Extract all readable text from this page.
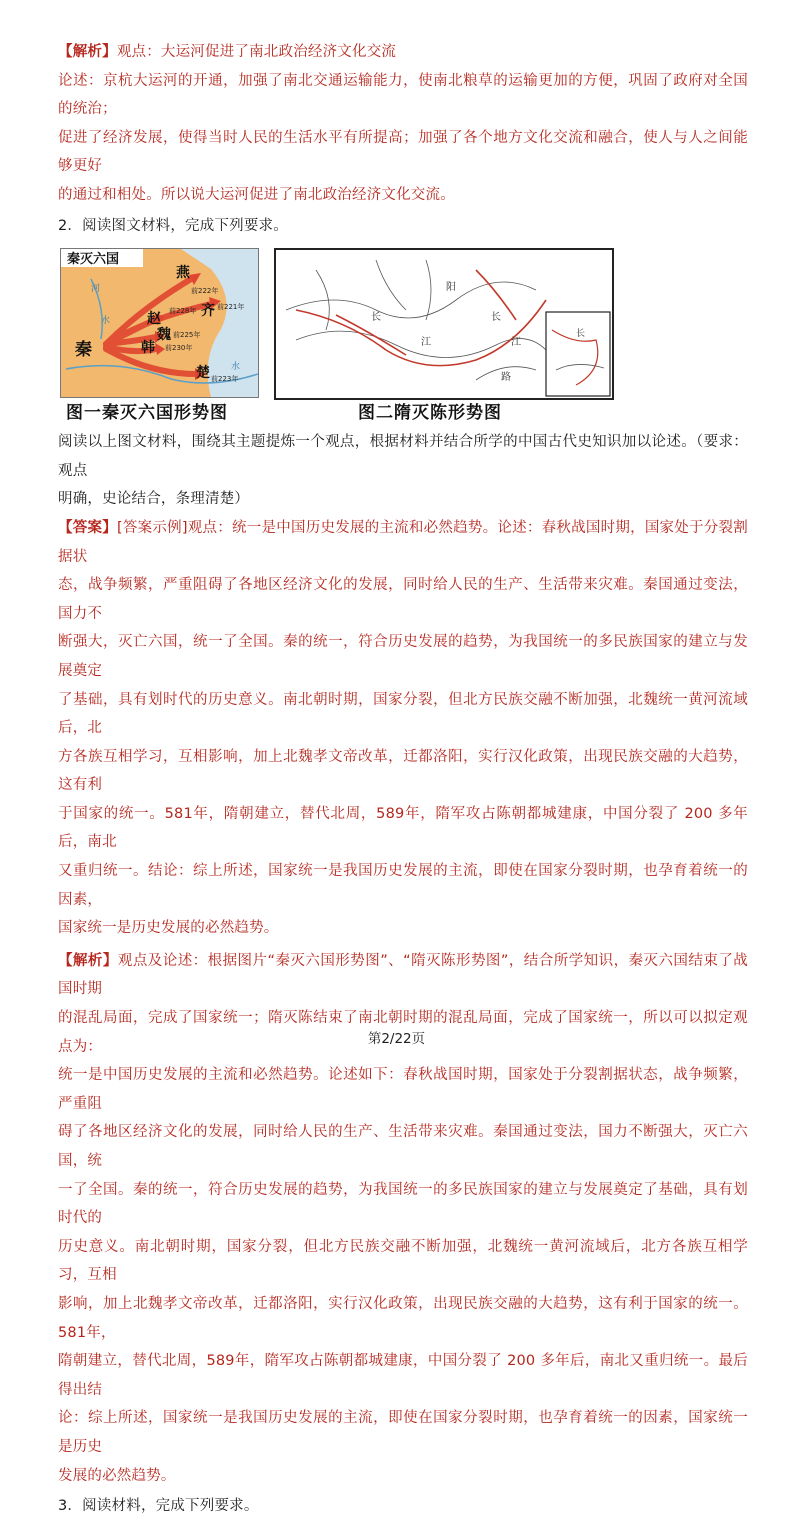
【解析】观点：大运河促进了南北政治经济文化交流

论述：京杭大运河的开通，加强了南北交通运输能力，使南北粮草的运输更加的方便，巩固了政府对全国的统治；

促进了经济发展，使得当时人民的生活水平有所提高；加强了各个地方文化交流和融合，使人与人之间能够更好

的通过和相处。所以说大运河促进了南北政治经济文化交流。

2．阅读图文材料，完成下列要求。

秦灭六国
燕
赵	齐
魏
韩
楚
秦
前222年
前228年	前221年
前225年
前230年
前223年
河
水
水
阳
长	长
江	江
路
长
图一秦灭六国形势图	图二隋灭陈形势图

阅读以上图文材料，围绕其主题提炼一个观点，根据材料并结合所学的中国古代史知识加以论述。（要求：观点

明确，史论结合，条理清楚）

【答案】[答案示例]观点：统一是中国历史发展的主流和必然趋势。论述：春秋战国时期，国家处于分裂割据状

态，战争频繁，严重阻碍了各地区经济文化的发展，同时给人民的生产、生活带来灾难。秦国通过变法，国力不

断强大，灭亡六国，统一了全国。秦的统一，符合历史发展的趋势，为我国统一的多民族国家的建立与发展奠定

了基础，具有划时代的历史意义。南北朝时期，国家分裂，但北方民族交融不断加强，北魏统一黄河流域后，北

方各族互相学习，互相影响，加上北魏孝文帝改革，迁都洛阳，实行汉化政策，出现民族交融的大趋势，这有利

于国家的统一。581年，隋朝建立，替代北周，589年，隋军攻占陈朝都城建康，中国分裂了 200 多年后，南北

又重归统一。结论：综上所述，国家统一是我国历史发展的主流，即使在国家分裂时期，也孕育着统一的因素，

国家统一是历史发展的必然趋势。

【解析】观点及论述：根据图片“秦灭六国形势图”、“隋灭陈形势图”，结合所学知识，秦灭六国结束了战国时期

的混乱局面，完成了国家统一；隋灭陈结束了南北朝时期的混乱局面，完成了国家统一，所以可以拟定观点为：

统一是中国历史发展的主流和必然趋势。论述如下：春秋战国时期，国家处于分裂割据状态，战争频繁，严重阻

碍了各地区经济文化的发展，同时给人民的生产、生活带来灾难。秦国通过变法，国力不断强大，灭亡六国，统

一了全国。秦的统一，符合历史发展的趋势，为我国统一的多民族国家的建立与发展奠定了基础，具有划时代的

历史意义。南北朝时期，国家分裂，但北方民族交融不断加强，北魏统一黄河流域后，北方各族互相学习，互相

影响，加上北魏孝文帝改革，迁都洛阳，实行汉化政策，出现民族交融的大趋势，这有利于国家的统一。581年，

隋朝建立，替代北周，589年，隋军攻占陈朝都城建康，中国分裂了 200 多年后，南北又重归统一。最后得出结

论：综上所述，国家统一是我国历史发展的主流，即使在国家分裂时期，也孕育着统一的因素，国家统一是历史

发展的必然趋势。

3．阅读材料，完成下列要求。

第2/22页
